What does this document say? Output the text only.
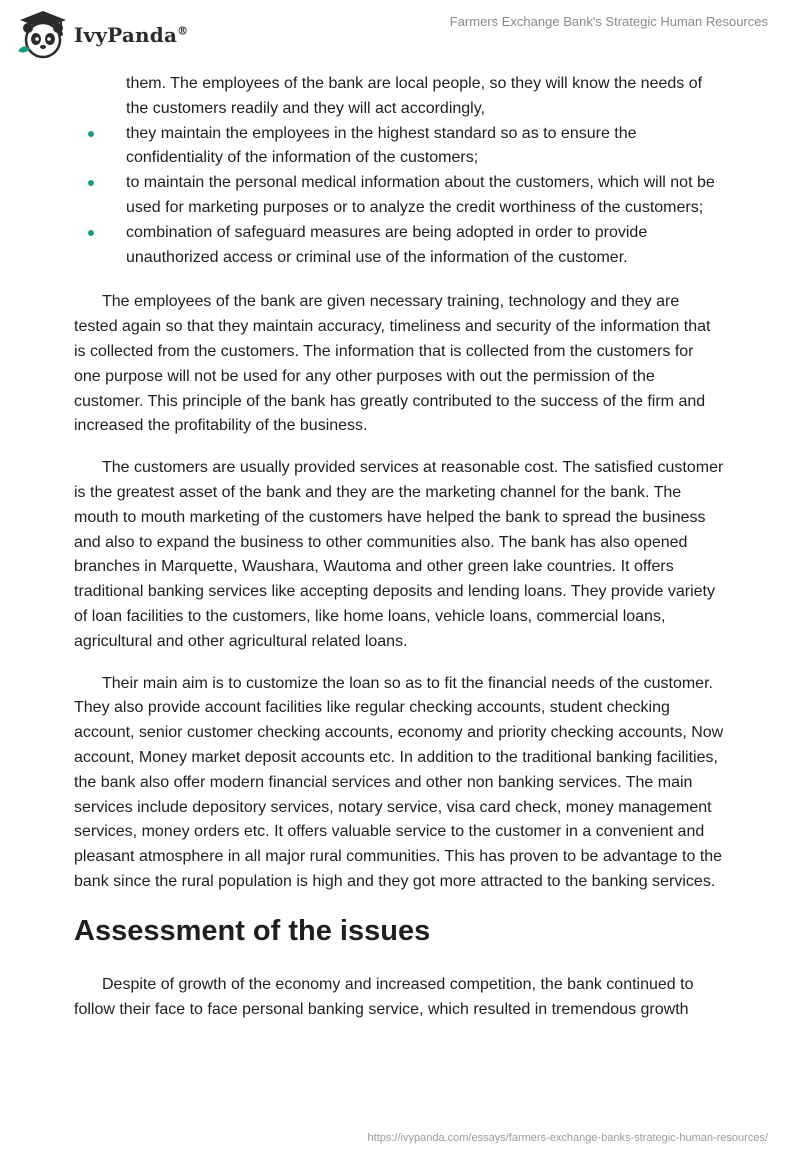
IvyPanda®
Farmers Exchange Bank's Strategic Human Resources

them. The employees of the bank are local people, so they will know the needs of the customers readily and they will act accordingly,

they maintain the employees in the highest standard so as to ensure the confidentiality of the information of the customers;
to maintain the personal medical information about the customers, which will not be used for marketing purposes or to analyze the credit worthiness of the customers;
combination of safeguard measures are being adopted in order to provide unauthorized access or criminal use of the information of the customer.

The employees of the bank are given necessary training, technology and they are tested again so that they maintain accuracy, timeliness and security of the information that is collected from the customers. The information that is collected from the customers for one purpose will not be used for any other purposes with out the permission of the customer. This principle of the bank has greatly contributed to the success of the firm and increased the profitability of the business.

The customers are usually provided services at reasonable cost. The satisfied customer is the greatest asset of the bank and they are the marketing channel for the bank. The mouth to mouth marketing of the customers have helped the bank to spread the business and also to expand the business to other communities also. The bank has also opened branches in Marquette, Waushara, Wautoma and other green lake countries. It offers traditional banking services like accepting deposits and lending loans. They provide variety of loan facilities to the customers, like home loans, vehicle loans, commercial loans, agricultural and other agricultural related loans.

Their main aim is to customize the loan so as to fit the financial needs of the customer. They also provide account facilities like regular checking accounts, student checking account, senior customer checking accounts, economy and priority checking accounts, Now account, Money market deposit accounts etc. In addition to the traditional banking facilities, the bank also offer modern financial services and other non banking services. The main services include depository services, notary service, visa card check, money management services, money orders etc. It offers valuable service to the customer in a convenient and pleasant atmosphere in all major rural communities. This has proven to be advantage to the bank since the rural population is high and they got more attracted to the banking services.

Assessment of the issues

Despite of growth of the economy and increased competition, the bank continued to follow their face to face personal banking service, which resulted in tremendous growth

https://ivypanda.com/essays/farmers-exchange-banks-strategic-human-resources/
